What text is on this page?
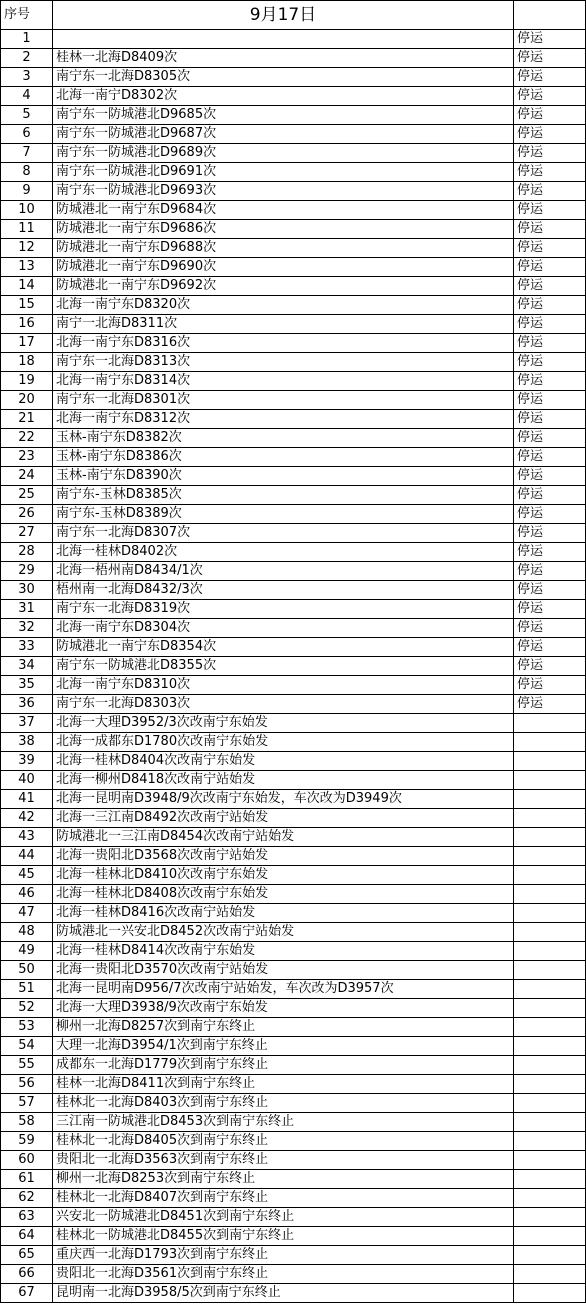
序号	9月17日	
1		停运
2	桂林一北海D8409次	停运
3	南宁东一北海D8305次	停运
4	北海一南宁D8302次	停运
5	南宁东一防城港北D9685次	停运
6	南宁东一防城港北D9687次	停运
7	南宁东一防城港北D9689次	停运
8	南宁东一防城港北D9691次	停运
9	南宁东一防城港北D9693次	停运
10	防城港北一南宁东D9684次	停运
11	防城港北一南宁东D9686次	停运
12	防城港北一南宁东D9688次	停运
13	防城港北一南宁东D9690次	停运
14	防城港北一南宁东D9692次	停运
15	北海一南宁东D8320次	停运
16	南宁一北海D8311次	停运
17	北海一南宁东D8316次	停运
18	南宁东一北海D8313次	停运
19	北海一南宁东D8314次	停运
20	南宁东一北海D8301次	停运
21	北海一南宁东D8312次	停运
22	玉林-南宁东D8382次	停运
23	玉林-南宁东D8386次	停运
24	玉林-南宁东D8390次	停运
25	南宁东-玉林D8385次	停运
26	南宁东-玉林D8389次	停运
27	南宁东一北海D8307次	停运
28	北海一桂林D8402次	停运
29	北海一梧州南D8434/1次	停运
30	梧州南一北海D8432/3次	停运
31	南宁东一北海D8319次	停运
32	北海一南宁东D8304次	停运
33	防城港北一南宁东D8354次	停运
34	南宁东一防城港北D8355次	停运
35	北海一南宁东D8310次	停运
36	南宁东一北海D8303次	停运
37	北海一大理D3952/3次改南宁东始发	
38	北海一成都东D1780次改南宁东始发	
39	北海一桂林D8404次改南宁东始发	
40	北海一柳州D8418次改南宁站始发	
41	北海一昆明南D3948/9次改南宁东始发，车次改为D3949次	
42	北海一三江南D8492次改南宁站始发	
43	防城港北一三江南D8454次改南宁站始发	
44	北海一贵阳北D3568次改南宁站始发	
45	北海一桂林北D8410次改南宁东始发	
46	北海一桂林北D8408次改南宁东始发	
47	北海一桂林D8416次改南宁站始发	
48	防城港北一兴安北D8452次改南宁站始发	
49	北海一桂林D8414次改南宁东始发	
50	北海一贵阳北D3570次改南宁站始发	
51	北海一昆明南D956/7次改南宁站始发，车次改为D3957次	
52	北海一大理D3938/9次改南宁东始发	
53	柳州一北海D8257次到南宁东终止	
54	大理一北海D3954/1次到南宁东终止	
55	成都东一北海D1779次到南宁东终止	
56	桂林一北海D8411次到南宁东终止	
57	桂林北一北海D8403次到南宁东终止	
58	三江南一防城港北D8453次到南宁东终止	
59	桂林北一北海D8405次到南宁东终止	
60	贵阳北一北海D3563次到南宁东终止	
61	柳州一北海D8253次到南宁东终止	
62	桂林北一北海D8407次到南宁东终止	
63	兴安北一防城港北D8451次到南宁东终止	
64	桂林北一防城港北D8455次到南宁东终止	
65	重庆西一北海D1793次到南宁东终止	
66	贵阳北一北海D3561次到南宁东终止	
67	昆明南一北海D3958/5次到南宁东终止	
